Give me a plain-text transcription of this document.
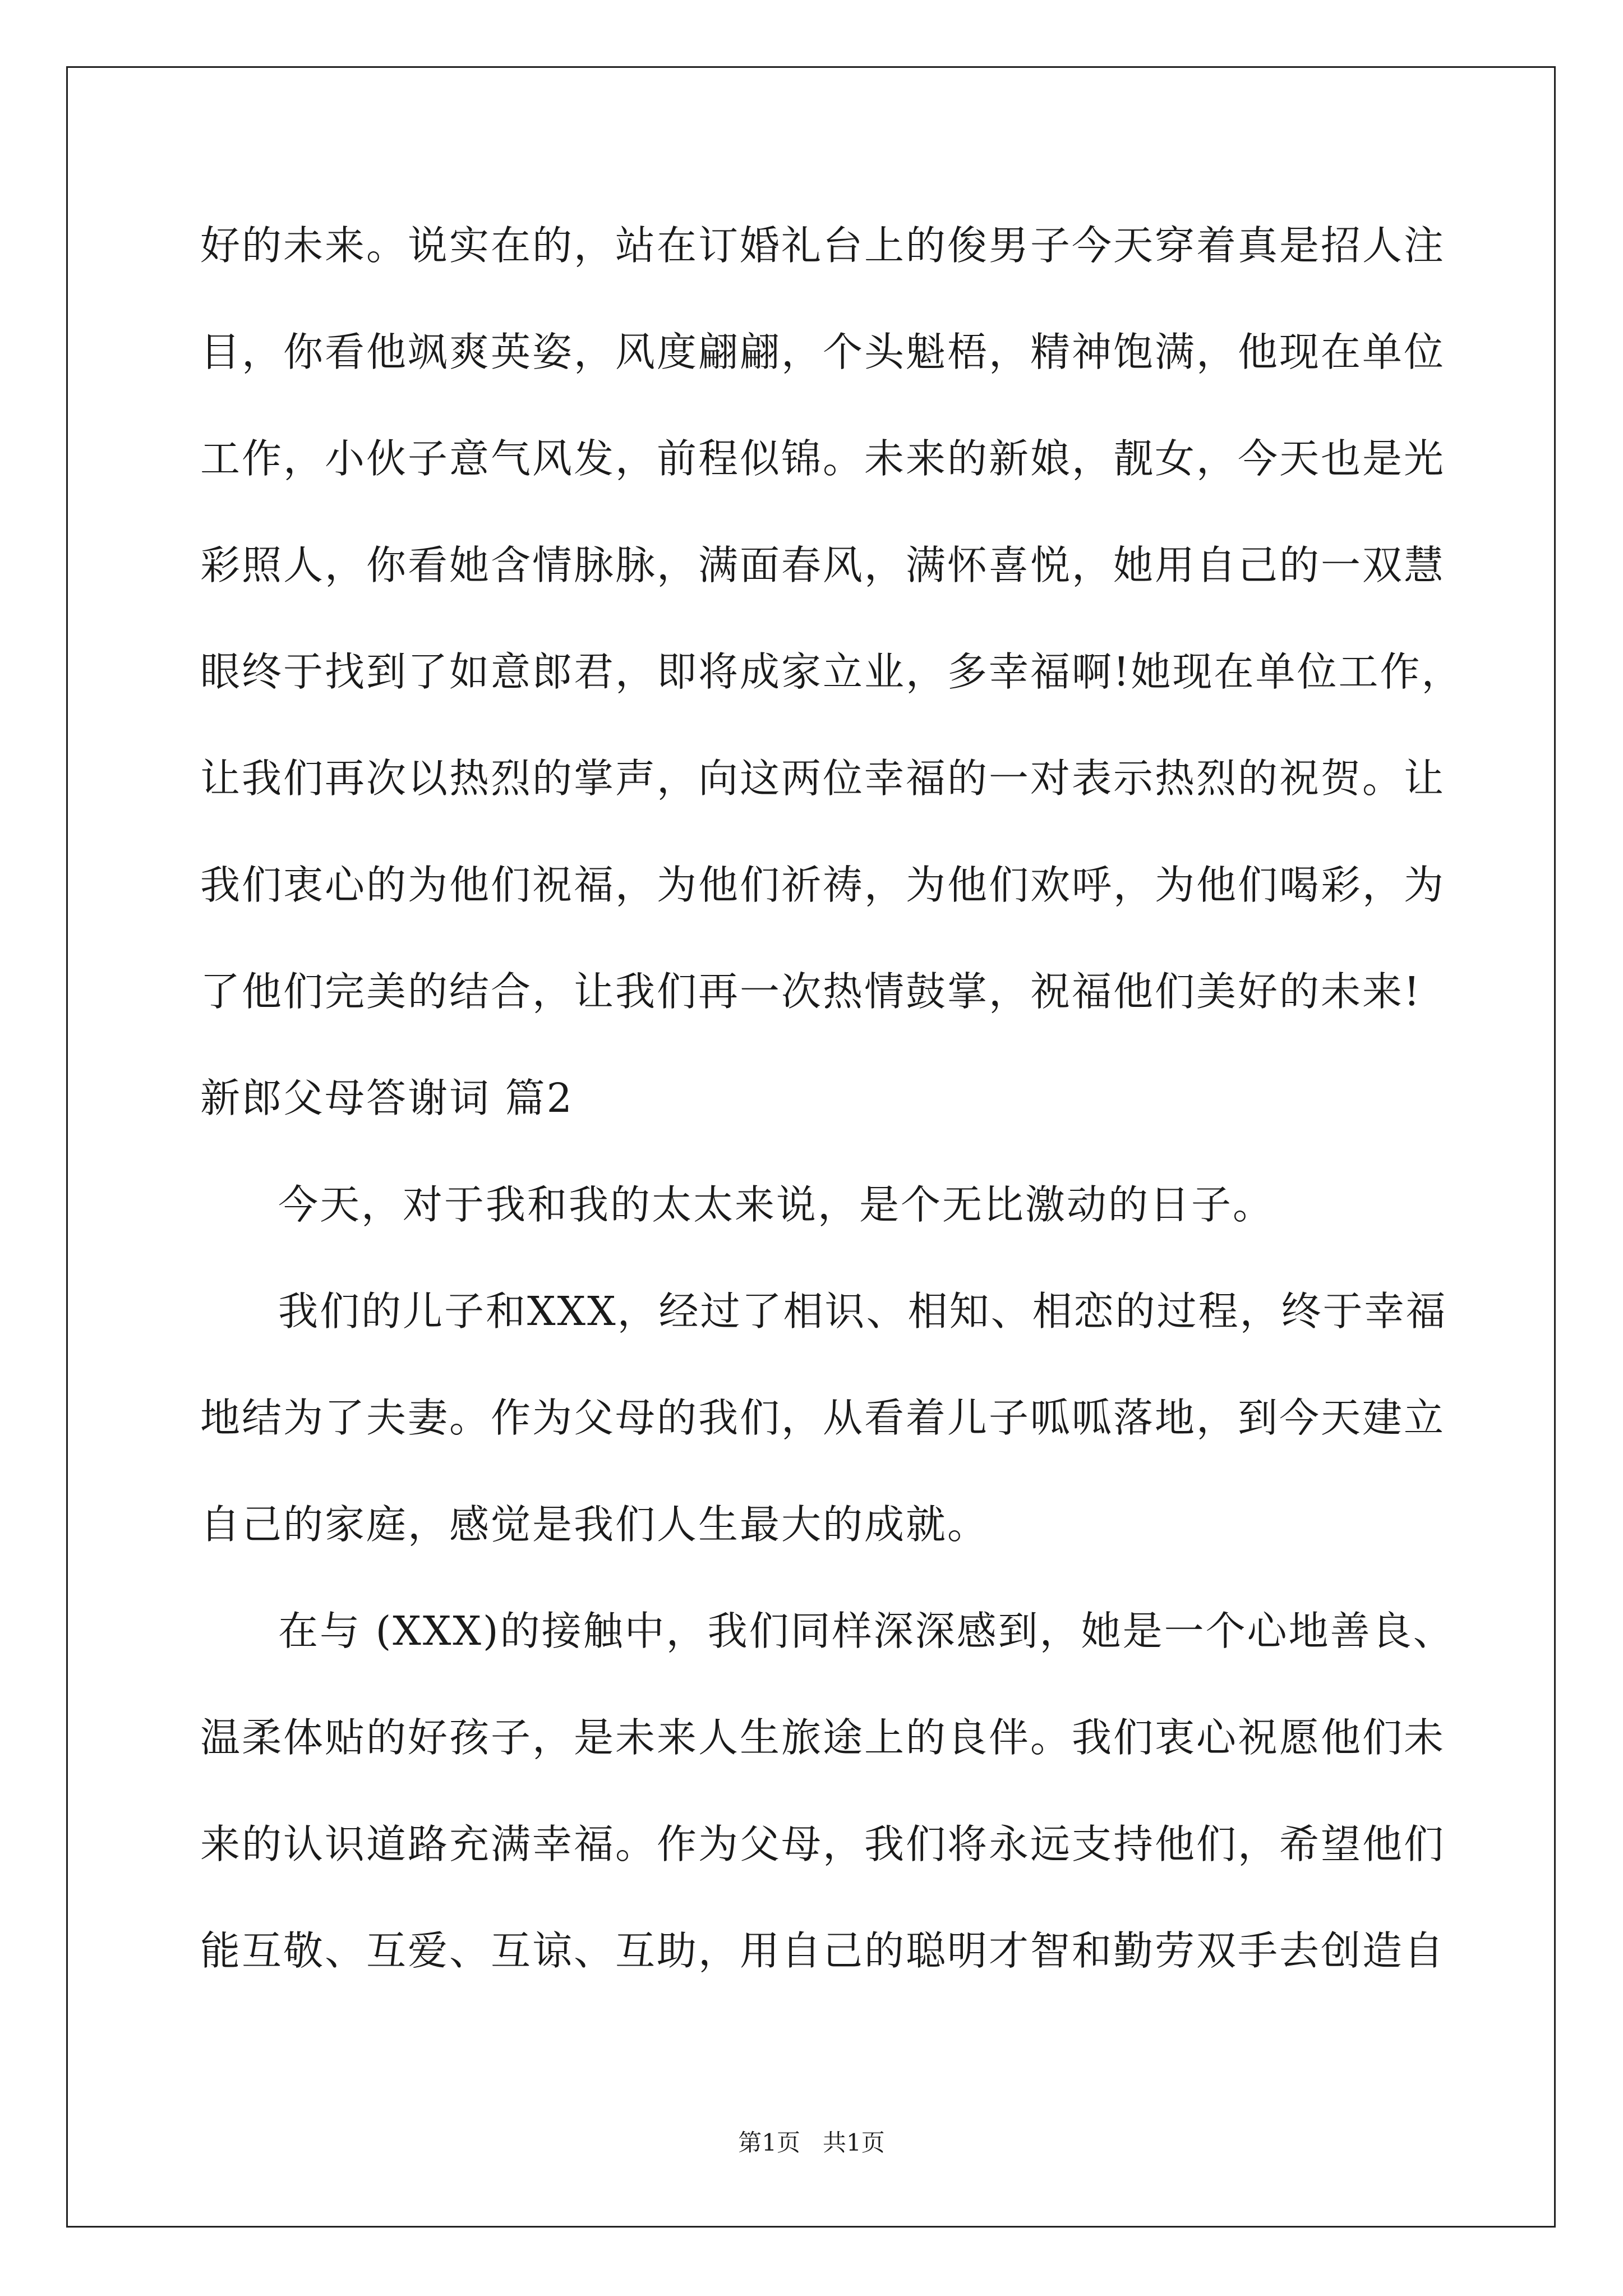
好的未来。说实在的，站在订婚礼台上的俊男子今天穿着真是招人注
目，你看他飒爽英姿，风度翩翩，个头魁梧，精神饱满，他现在单位
工作，小伙子意气风发，前程似锦。未来的新娘，靓女，今天也是光
彩照人，你看她含情脉脉，满面春风，满怀喜悦，她用自己的一双慧
眼终于找到了如意郎君，即将成家立业，多幸福啊!她现在单位工作，
让我们再次以热烈的掌声，向这两位幸福的一对表示热烈的祝贺。让
我们衷心的为他们祝福，为他们祈祷，为他们欢呼，为他们喝彩，为
了他们完美的结合，让我们再一次热情鼓掌，祝福他们美好的未来!
新郎父母答谢词 篇2
今天，对于我和我的太太来说，是个无比激动的日子。
我们的儿子和XXX，经过了相识、相知、相恋的过程，终于幸福
地结为了夫妻。作为父母的我们，从看着儿子呱呱落地，到今天建立
自己的家庭，感觉是我们人生最大的成就。
在与 (XXX)的接触中，我们同样深深感到，她是一个心地善良、
温柔体贴的好孩子，是未来人生旅途上的良伴。我们衷心祝愿他们未
来的认识道路充满幸福。作为父母，我们将永远支持他们，希望他们
能互敬、互爱、互谅、互助，用自己的聪明才智和勤劳双手去创造自
第1页 共1页
